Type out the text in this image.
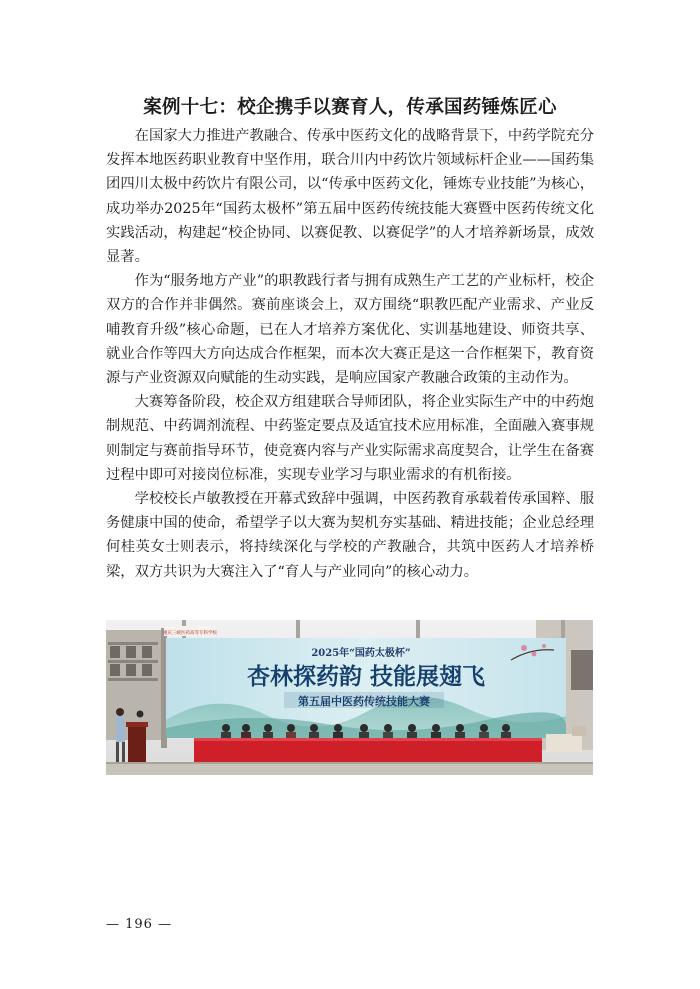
案例十七：校企携手以赛育人，传承国药锤炼匠心

在国家大力推进产教融合、传承中医药文化的战略背景下，中药学院充分发挥本地医药职业教育中坚作用，联合川内中药饮片领域标杆企业——国药集团四川太极中药饮片有限公司，以“传承中医药文化，锤炼专业技能”为核心，成功举办2025年“国药太极杯”第五届中医药传统技能大赛暨中医药传统文化实践活动，构建起“校企协同、以赛促教、以赛促学”的人才培养新场景，成效显著。

作为“服务地方产业”的职教践行者与拥有成熟生产工艺的产业标杆，校企双方的合作并非偶然。赛前座谈会上，双方围绕“职教匹配产业需求、产业反哺教育升级”核心命题，已在人才培养方案优化、实训基地建设、师资共享、就业合作等四大方向达成合作框架，而本次大赛正是这一合作框架下，教育资源与产业资源双向赋能的生动实践，是响应国家产教融合政策的主动作为。

大赛筹备阶段，校企双方组建联合导师团队，将企业实际生产中的中药炮制规范、中药调剂流程、中药鉴定要点及适宜技术应用标准，全面融入赛事规则制定与赛前指导环节，使竞赛内容与产业实际需求高度契合，让学生在备赛过程中即可对接岗位标准，实现专业学习与职业需求的有机衔接。

学校校长卢敏教授在开幕式致辞中强调，中医药教育承载着传承国粹、服务健康中国的使命，希望学子以大赛为契机夯实基础、精进技能；企业总经理何桂英女士则表示，将持续深化与学校的产教融合，共筑中医药人才培养桥梁，双方共识为大赛注入了“育人与产业同向”的核心动力。

2025年“国药太极杯”
杏林探药韵 技能展翅飞
第五届中医药传统技能大赛
重庆三峡医药高等专科学校
— 196 —
